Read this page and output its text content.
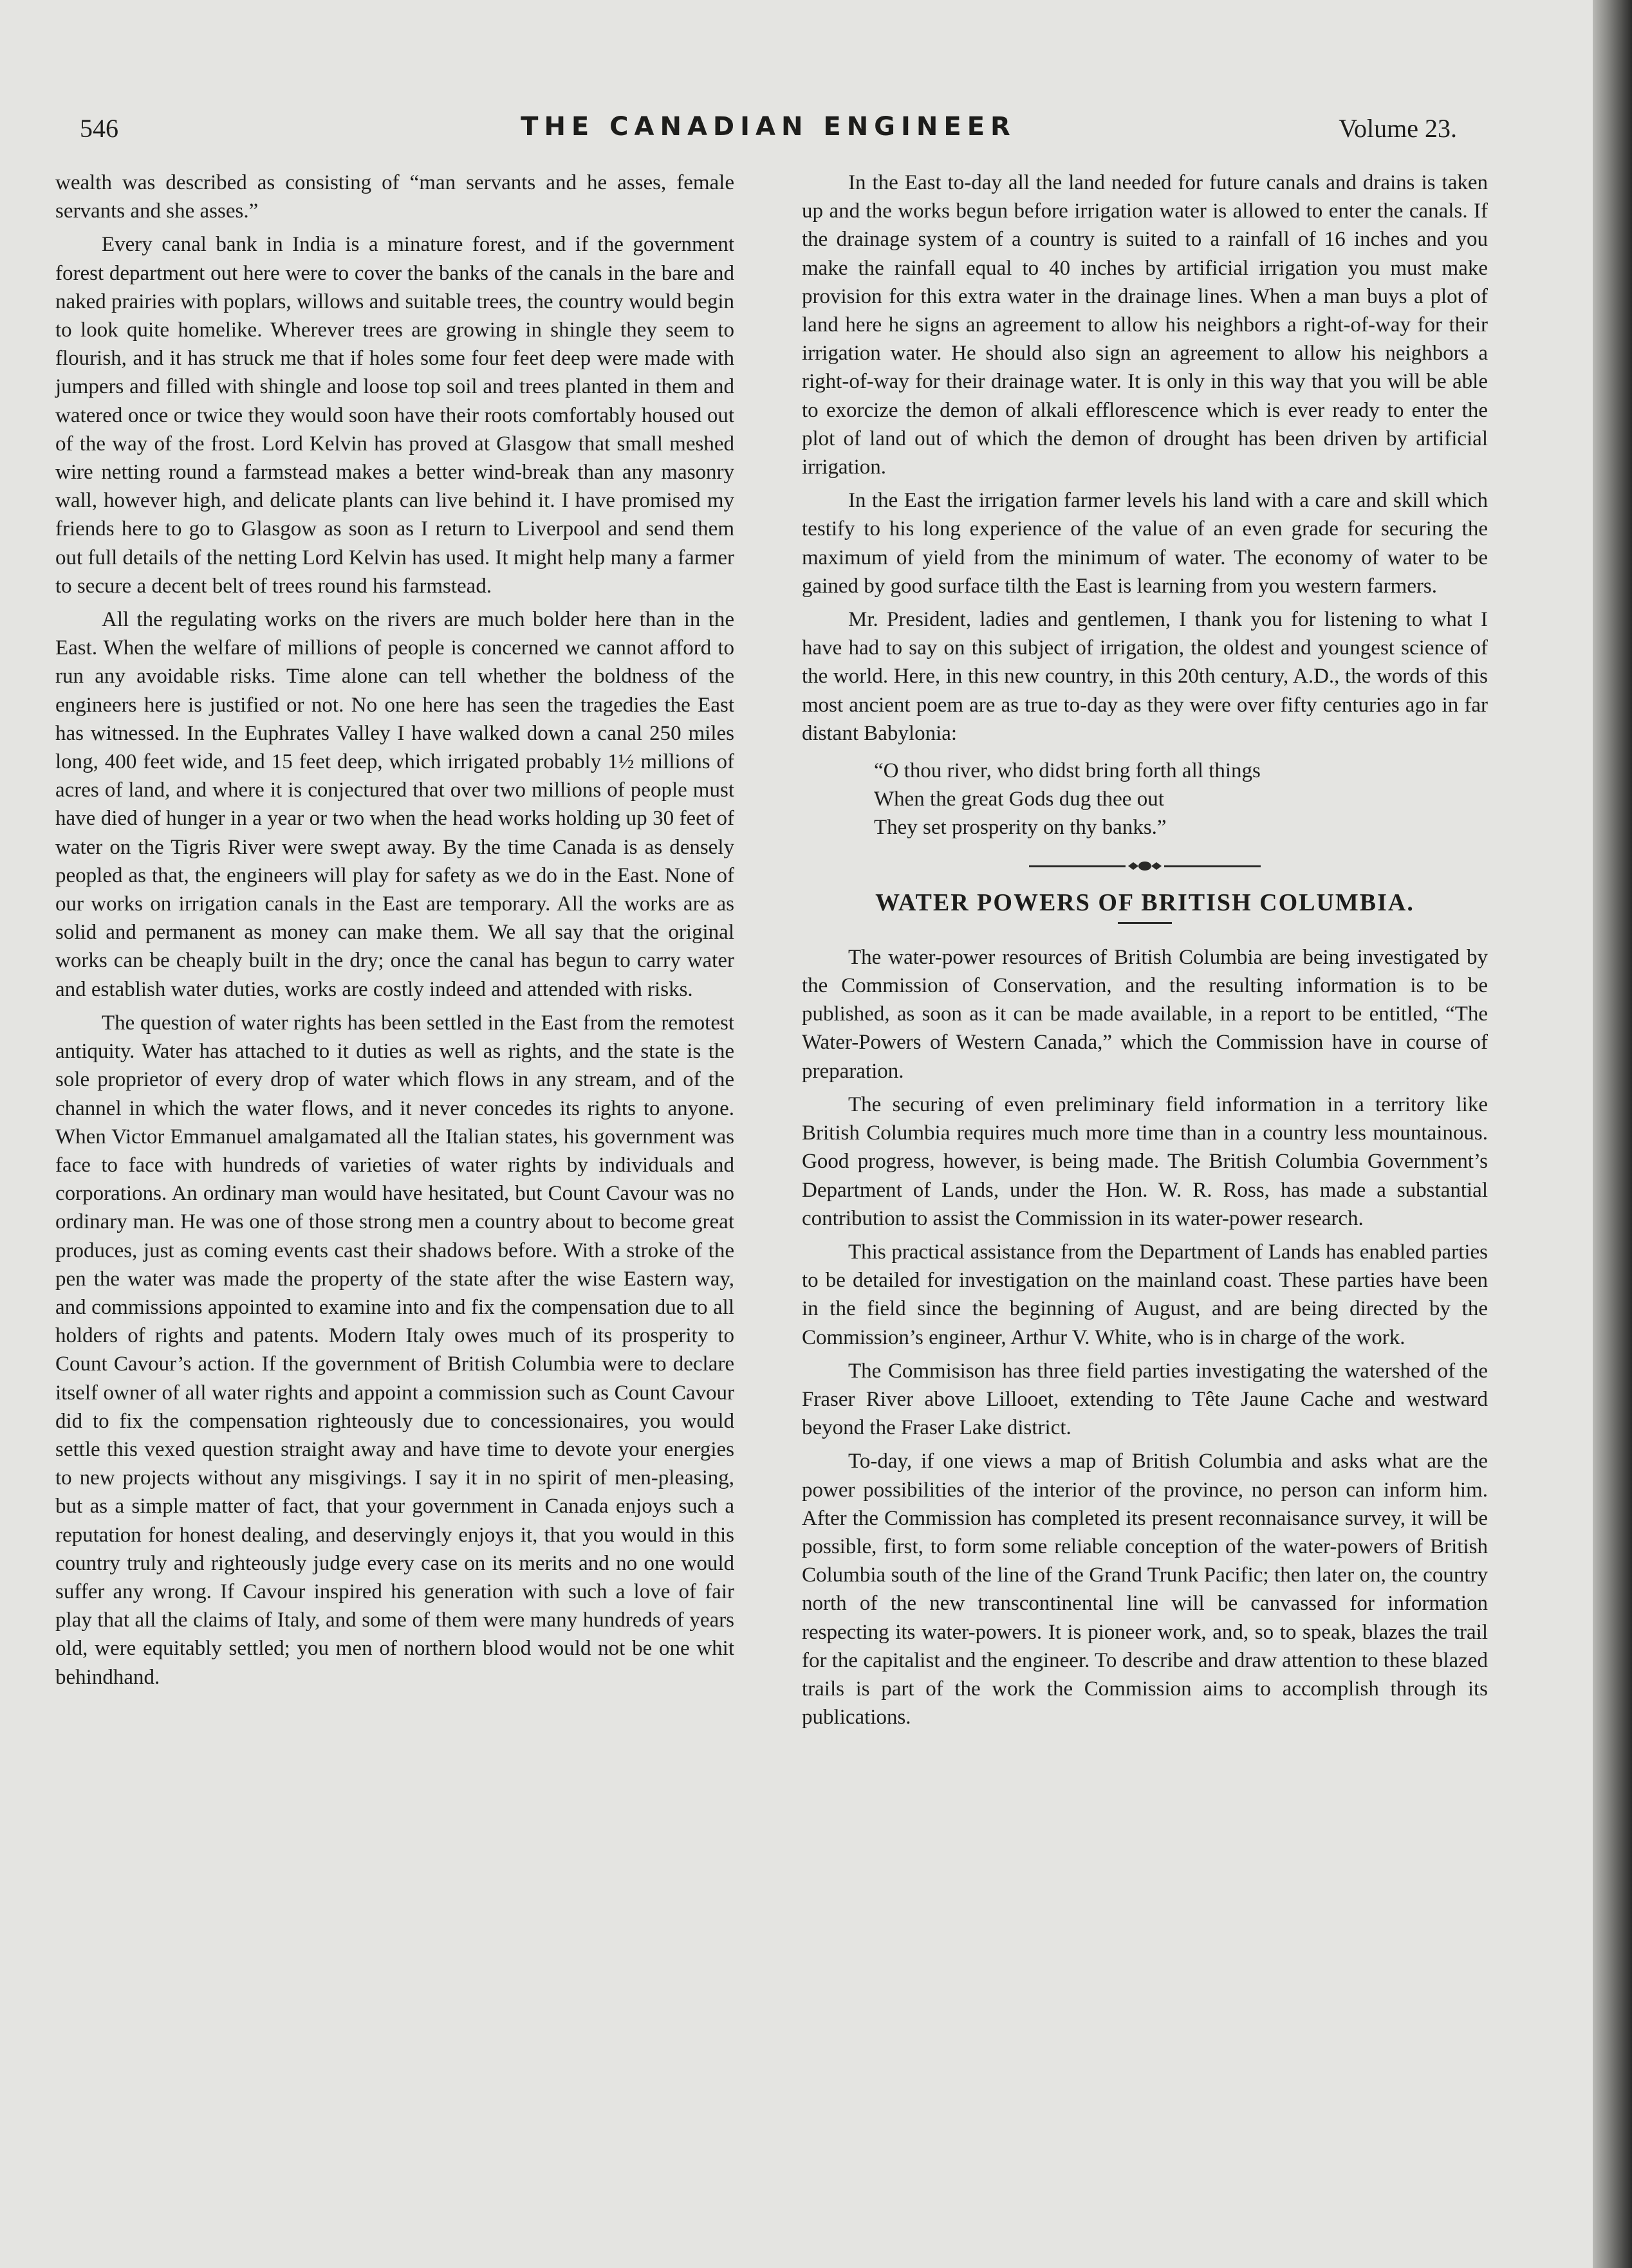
546	THE CANADIAN ENGINEER	Volume 23.

wealth was described as consisting of “man servants and he asses, female servants and she asses.”

Every canal bank in India is a minature forest, and if the government forest department out here were to cover the banks of the canals in the bare and naked prairies with poplars, willows and suitable trees, the country would begin to look quite homelike. Wherever trees are growing in shingle they seem to flourish, and it has struck me that if holes some four feet deep were made with jumpers and filled with shingle and loose top soil and trees planted in them and watered once or twice they would soon have their roots comfortably housed out of the way of the frost. Lord Kelvin has proved at Glasgow that small meshed wire netting round a farmstead makes a better wind-break than any masonry wall, however high, and delicate plants can live behind it. I have promised my friends here to go to Glasgow as soon as I return to Liverpool and send them out full details of the netting Lord Kelvin has used. It might help many a farmer to secure a decent belt of trees round his farmstead.

All the regulating works on the rivers are much bolder here than in the East. When the welfare of millions of people is concerned we cannot afford to run any avoidable risks. Time alone can tell whether the boldness of the engineers here is justified or not. No one here has seen the tragedies the East has witnessed. In the Euphrates Valley I have walked down a canal 250 miles long, 400 feet wide, and 15 feet deep, which irrigated probably 1½ millions of acres of land, and where it is conjectured that over two millions of people must have died of hunger in a year or two when the head works holding up 30 feet of water on the Tigris River were swept away. By the time Canada is as densely peopled as that, the engineers will play for safety as we do in the East. None of our works on irrigation canals in the East are temporary. All the works are as solid and permanent as money can make them. We all say that the original works can be cheaply built in the dry; once the canal has begun to carry water and establish water duties, works are costly indeed and attended with risks.

The question of water rights has been settled in the East from the remotest antiquity. Water has attached to it duties as well as rights, and the state is the sole proprietor of every drop of water which flows in any stream, and of the channel in which the water flows, and it never concedes its rights to anyone. When Victor Emmanuel amalgamated all the Italian states, his government was face to face with hundreds of varieties of water rights by individuals and corporations. An ordinary man would have hesitated, but Count Cavour was no ordinary man. He was one of those strong men a country about to become great produces, just as coming events cast their shadows before. With a stroke of the pen the water was made the property of the state after the wise Eastern way, and commissions appointed to examine into and fix the compensation due to all holders of rights and patents. Modern Italy owes much of its prosperity to Count Cavour’s action. If the government of British Columbia were to declare itself owner of all water rights and appoint a commission such as Count Cavour did to fix the compensation righteously due to concessionaires, you would settle this vexed question straight away and have time to devote your energies to new projects without any misgivings. I say it in no spirit of men-pleasing, but as a simple matter of fact, that your government in Canada enjoys such a reputation for honest dealing, and deservingly enjoys it, that you would in this country truly and righteously judge every case on its merits and no one would suffer any wrong. If Cavour inspired his generation with such a love of fair play that all the claims of Italy, and some of them were many hundreds of years old, were equitably settled; you men of northern blood would not be one whit behindhand.

In the East to-day all the land needed for future canals and drains is taken up and the works begun before irrigation water is allowed to enter the canals. If the drainage system of a country is suited to a rainfall of 16 inches and you make the rainfall equal to 40 inches by artificial irrigation you must make provision for this extra water in the drainage lines. When a man buys a plot of land here he signs an agreement to allow his neighbors a right-of-way for their irrigation water. He should also sign an agreement to allow his neighbors a right-of-way for their drainage water. It is only in this way that you will be able to exorcize the demon of alkali efflorescence which is ever ready to enter the plot of land out of which the demon of drought has been driven by artificial irrigation.

In the East the irrigation farmer levels his land with a care and skill which testify to his long experience of the value of an even grade for securing the maximum of yield from the minimum of water. The economy of water to be gained by good surface tilth the East is learning from you western farmers.

Mr. President, ladies and gentlemen, I thank you for listening to what I have had to say on this subject of irrigation, the oldest and youngest science of the world. Here, in this new country, in this 20th century, A.D., the words of this most ancient poem are as true to-day as they were over fifty centuries ago in far distant Babylonia:

“O thou river, who didst bring forth all things
When the great Gods dug thee out
They set prosperity on thy banks.”
WATER POWERS OF BRITISH COLUMBIA.

The water-power resources of British Columbia are being investigated by the Commission of Conservation, and the resulting information is to be published, as soon as it can be made available, in a report to be entitled, “The Water-Powers of Western Canada,” which the Commission have in course of preparation.

The securing of even preliminary field information in a territory like British Columbia requires much more time than in a country less mountainous. Good progress, however, is being made. The British Columbia Government’s Department of Lands, under the Hon. W. R. Ross, has made a substantial contribution to assist the Commission in its water-power research.

This practical assistance from the Department of Lands has enabled parties to be detailed for investigation on the mainland coast. These parties have been in the field since the beginning of August, and are being directed by the Commission’s engineer, Arthur V. White, who is in charge of the work.

The Commisison has three field parties investigating the watershed of the Fraser River above Lillooet, extending to Tête Jaune Cache and westward beyond the Fraser Lake district.

To-day, if one views a map of British Columbia and asks what are the power possibilities of the interior of the province, no person can inform him. After the Commission has completed its present reconnaisance survey, it will be possible, first, to form some reliable conception of the water-powers of British Columbia south of the line of the Grand Trunk Pacific; then later on, the country north of the new transcontinental line will be canvassed for information respecting its water-powers. It is pioneer work, and, so to speak, blazes the trail for the capitalist and the engineer. To describe and draw attention to these blazed trails is part of the work the Commission aims to accomplish through its publications.
